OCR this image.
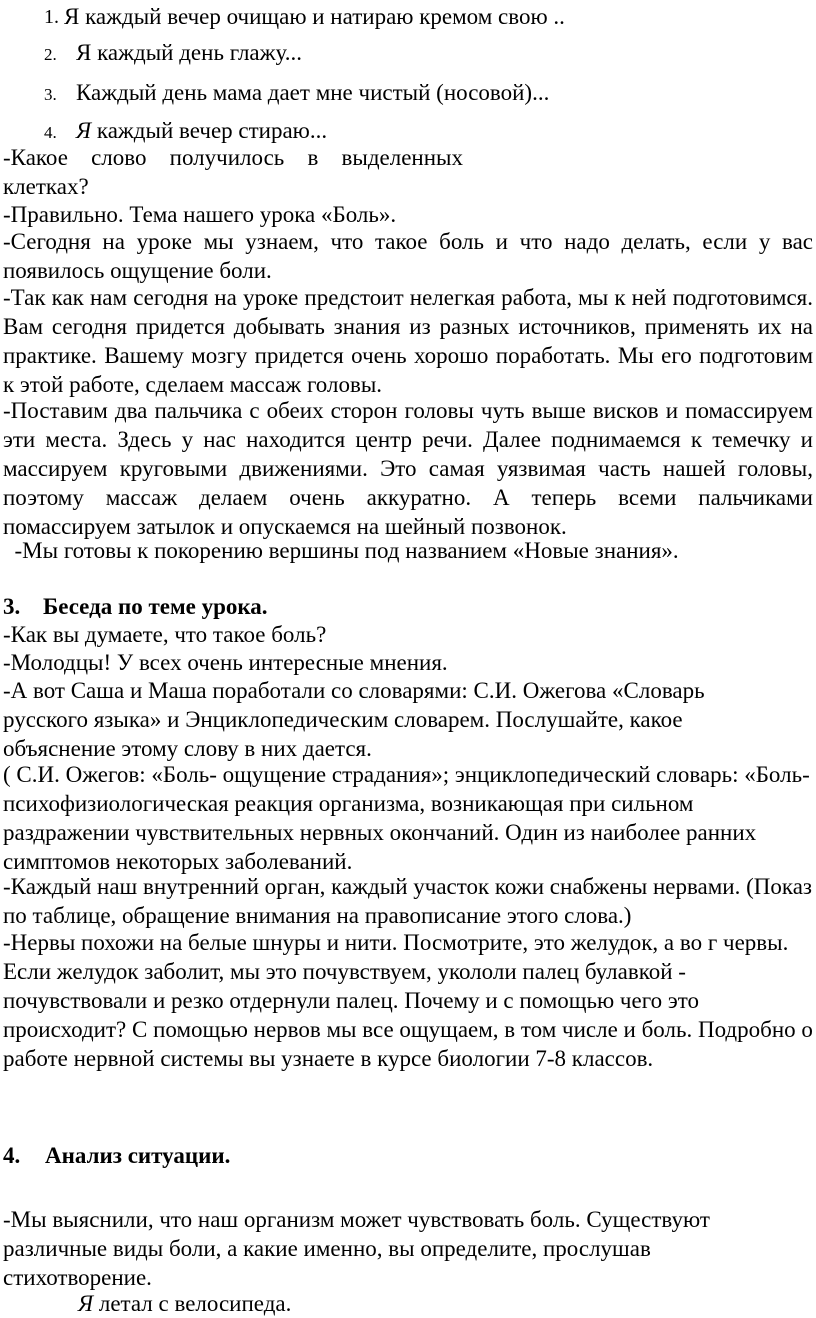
1. Я каждый вечер очищаю и натираю кремом свою ..
2. Я каждый день глажу...
3. Каждый день мама дает мне чистый (носовой)...
4. Я каждый вечер стираю...
-Какое слово получилось в выделенных
клетках?
-Правильно. Тема нашего урока «Боль».
-Сегодня на уроке мы узнаем, что такое боль и что надо делать, если у вас появилось ощущение боли.
-Так как нам сегодня на уроке предстоит нелегкая работа, мы к ней подготовимся. Вам сегодня придется добывать знания из разных источников, применять их на практике. Вашему мозгу придется очень хорошо поработать. Мы его подготовим к этой работе, сделаем массаж головы.
-Поставим два пальчика с обеих сторон головы чуть выше висков и помассируем эти места. Здесь у нас находится центр речи. Далее поднимаемся к темечку и массируем круговыми движениями. Это самая уязвимая часть нашей головы, поэтому массаж делаем очень аккуратно. А теперь всеми пальчиками помассируем затылок и опускаемся на шейный позвонок.
-Мы готовы к покорению вершины под названием «Новые знания».
3. Беседа по теме урока.
-Как вы думаете, что такое боль?
-Молодцы! У всех очень интересные мнения.
-А вот Саша и Маша поработали со словарями: С.И. Ожегова «Словарь русского языка» и Энциклопедическим словарем. Послушайте, какое объяснение этому слову в них дается.
( С.И. Ожегов: «Боль- ощущение страдания»; энциклопедический словарь: «Боль- психофизиологическая реакция организма, возникающая при сильном раздражении чувствительных нервных окончаний. Один из наиболее ранних симптомов некоторых заболеваний.
-Каждый наш внутренний орган, каждый участок кожи снабжены нервами. (Показ по таблице, обращение внимания на правописание этого слова.)
-Нервы похожи на белые шнуры и нити. Посмотрите, это желудок, а во г червы. Если желудок заболит, мы это почувствуем, укололи палец булавкой - почувствовали и резко отдернули палец. Почему и с помощью чего это происходит? С помощью нервов мы все ощущаем, в том числе и боль. Подробно о работе нервной системы вы узнаете в курсе биологии 7-8 классов.
4. Анализ ситуации.
-Мы выяснили, что наш организм может чувствовать боль. Существуют различные виды боли, а какие именно, вы определите, прослушав стихотворение.
Я летал с велосипеда.
